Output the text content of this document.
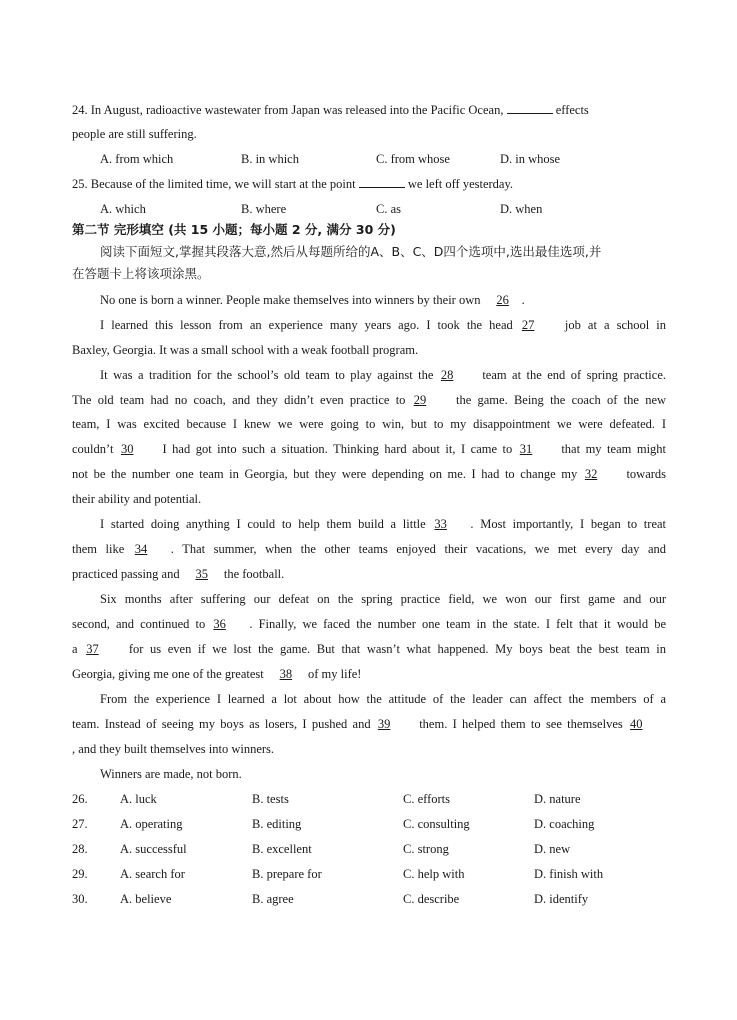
24. In August, radioactive wastewater from Japan was released into the Pacific Ocean,	effects
people are still suffering.
A. from which	B. in which	C. from whose	D. in whose
25. Because of the limited time, we will start at the point	we left off yesterday.
A. which	B. where	C. as	D. when
第二节 完形填空 (共 15 小题；每小题 2 分, 满分 30 分)
阅读下面短文,掌握其段落大意,然后从每题所给的A、B、C、D四个选项中,选出最佳选项,并
在答题卡上将该项涂黑。
No one is born a winner. People make themselves into winners by their own 26 .
I learned this lesson from an experience many years ago. I took the head 27 job at a school in
Baxley, Georgia. It was a small school with a weak football program.
It was a tradition for the school’s old team to play against the 28 team at the end of spring practice.
The old team had no coach, and they didn’t even practice to 29 the game. Being the coach of the new
team, I was excited because I knew we were going to win, but to my disappointment we were defeated. I
couldn’t 30 I had got into such a situation. Thinking hard about it, I came to 31 that my team might
not be the number one team in Georgia, but they were depending on me. I had to change my 32 towards
their ability and potential.
I started doing anything I could to help them build a little 33 . Most importantly, I began to treat
them like 34 . That summer, when the other teams enjoyed their vacations, we met every day and
practiced passing and 35 the football.
Six months after suffering our defeat on the spring practice field, we won our first game and our
second, and continued to 36 . Finally, we faced the number one team in the state. I felt that it would be
a 37 for us even if we lost the game. But that wasn’t what happened. My boys beat the best team in
Georgia, giving me one of the greatest 38 of my life!
From the experience I learned a lot about how the attitude of the leader can affect the members of a
team. Instead of seeing my boys as losers, I pushed and 39 them. I helped them to see themselves 40
, and they built themselves into winners.
Winners are made, not born.
26.	A. luck	B. tests	C. efforts	D. nature
27.	A. operating	B. editing	C. consulting	D. coaching
28.	A. successful	B. excellent	C. strong	D. new
29.	A. search for	B. prepare for	C. help with	D. finish with
30.	A. believe	B. agree	C. describe	D. identify
